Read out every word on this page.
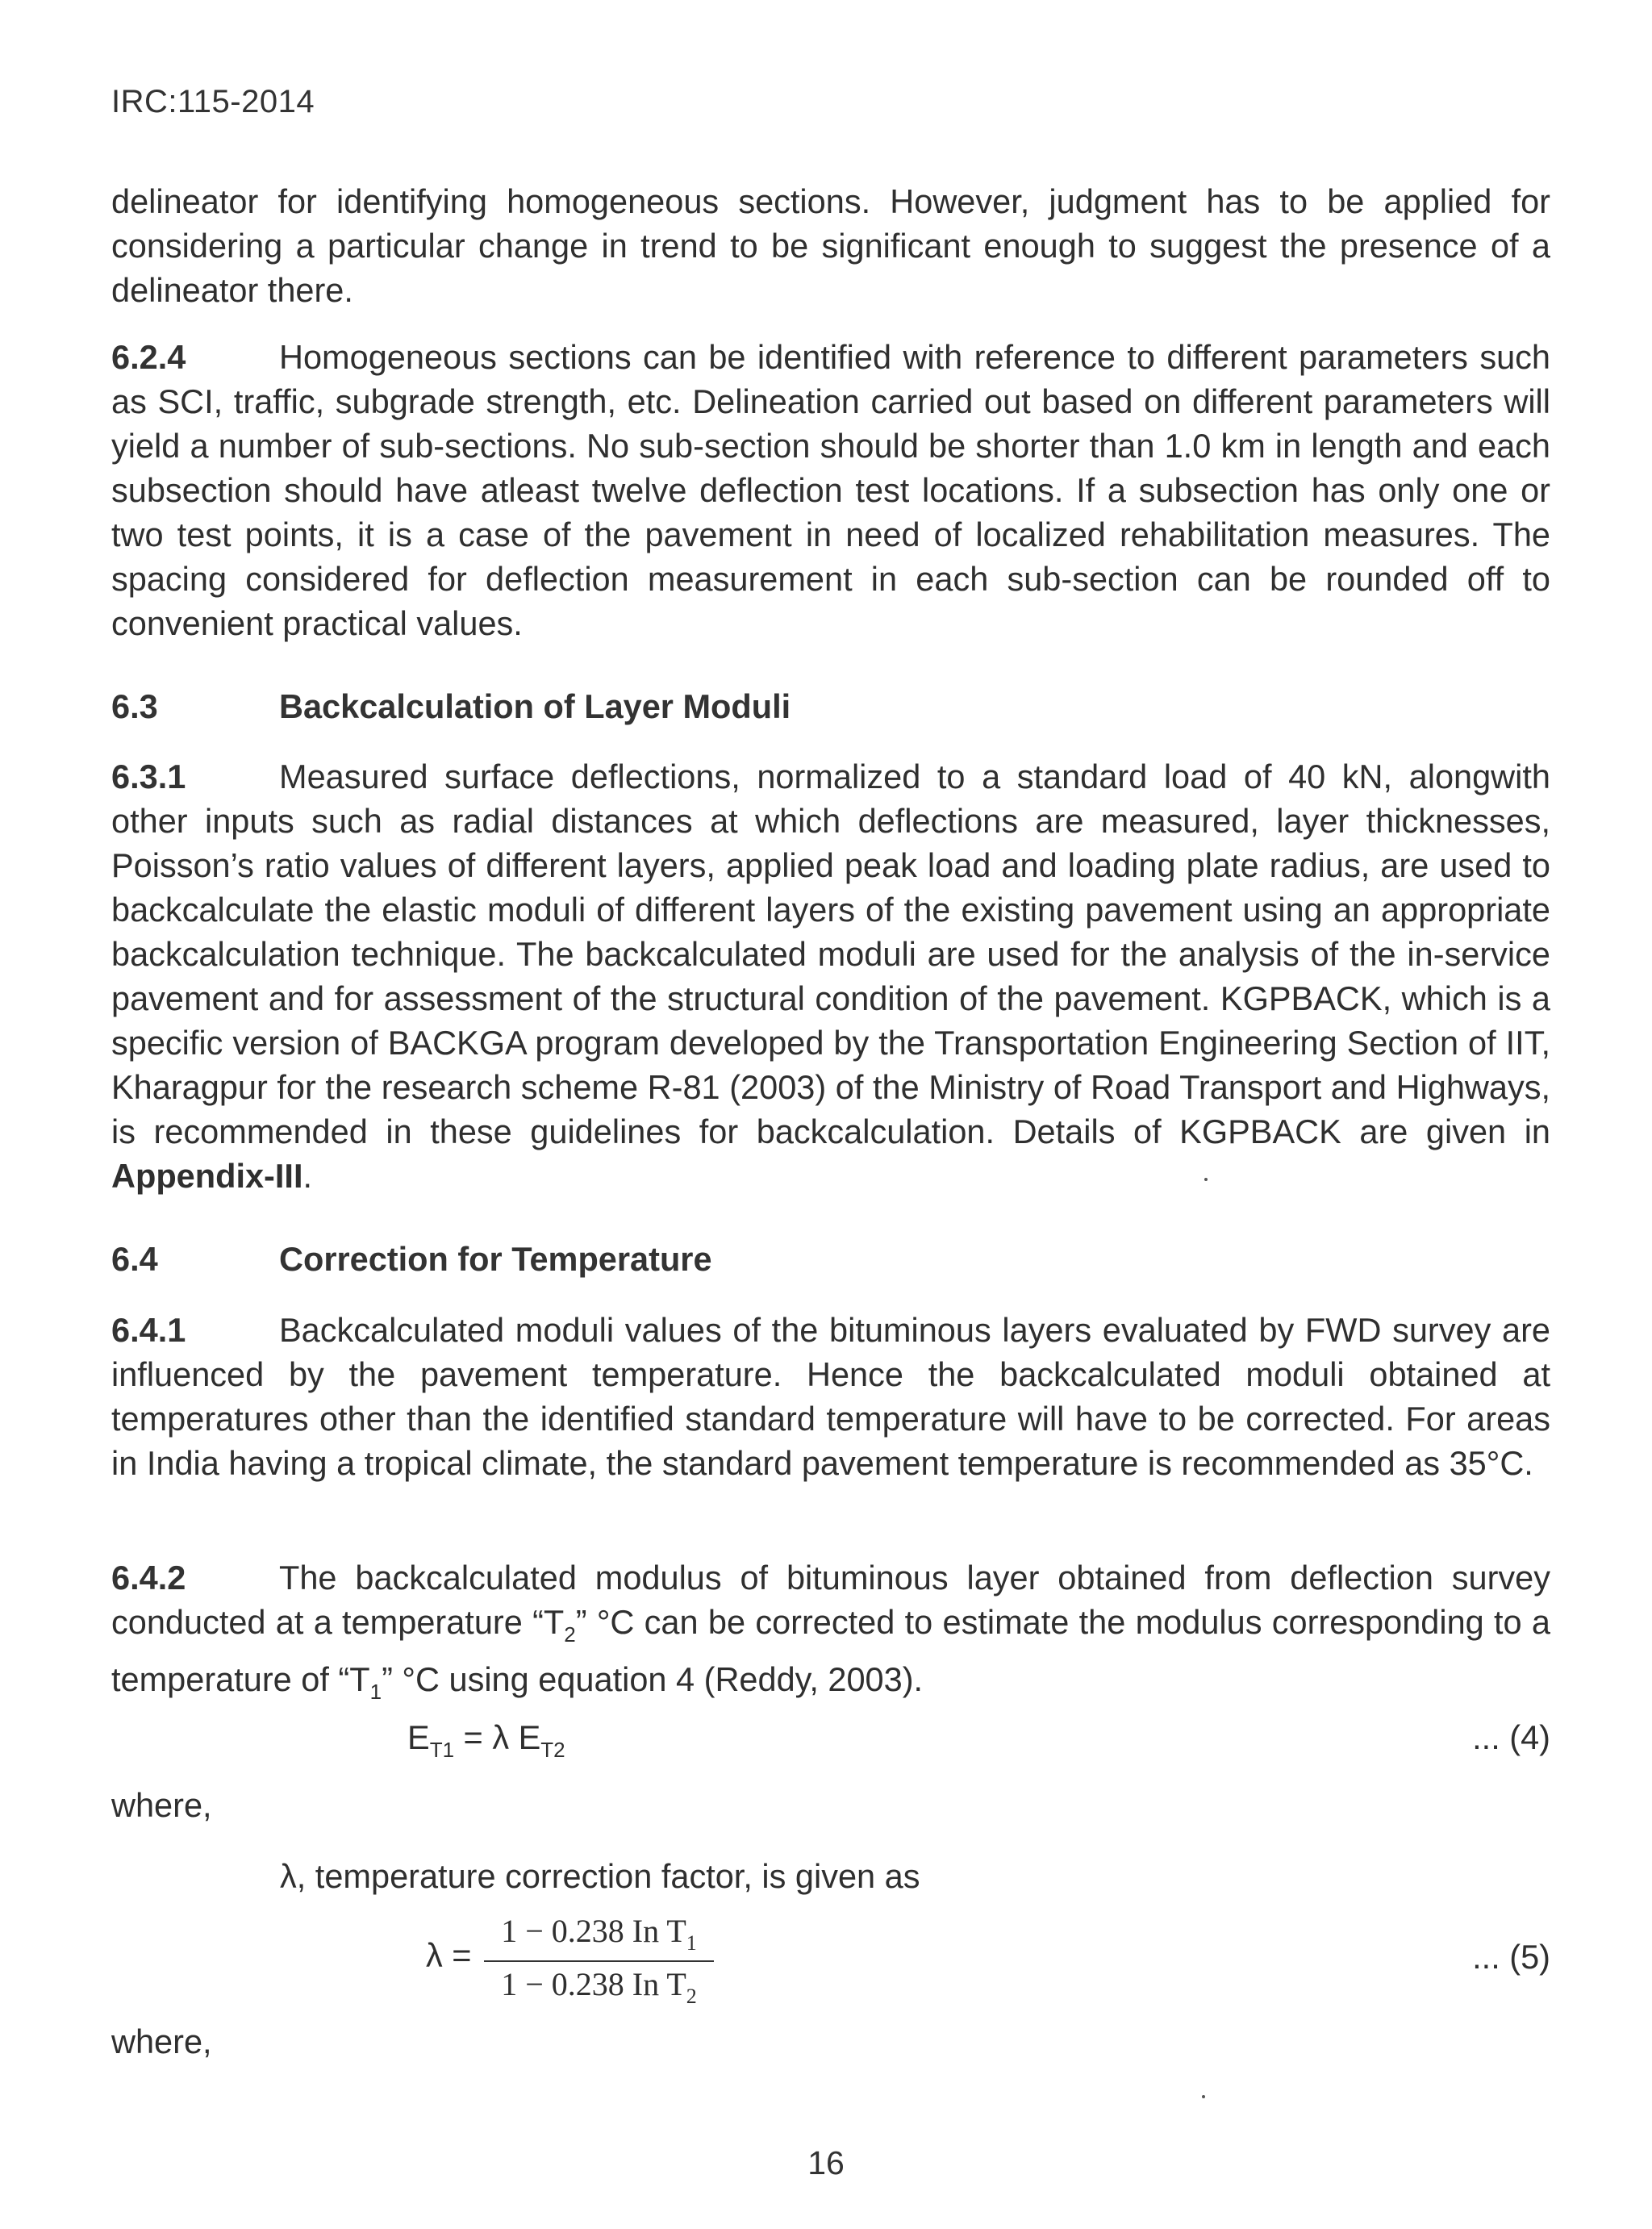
IRC:115-2014
delineator for identifying homogeneous sections. However, judgment has to be applied for considering a particular change in trend to be significant enough to suggest the presence of a delineator there.
6.2.4	Homogeneous sections can be identified with reference to different parameters such as SCI, traffic, subgrade strength, etc. Delineation carried out based on different parameters will yield a number of sub-sections. No sub-section should be shorter than 1.0 km in length and each subsection should have atleast twelve deflection test locations. If a subsection has only one or two test points, it is a case of the pavement in need of localized rehabilitation measures. The spacing considered for deflection measurement in each sub-section can be rounded off to convenient practical values.
6.3	Backcalculation of Layer Moduli
6.3.1	Measured surface deflections, normalized to a standard load of 40 kN, alongwith other inputs such as radial distances at which deflections are measured, layer thicknesses, Poisson’s ratio values of different layers, applied peak load and loading plate radius, are used to backcalculate the elastic moduli of different layers of the existing pavement using an appropriate backcalculation technique. The backcalculated moduli are used for the analysis of the in-service pavement and for assessment of the structural condition of the pavement. KGPBACK, which is a specific version of BACKGA program developed by the Transportation Engineering Section of IIT, Kharagpur for the research scheme R-81 (2003) of the Ministry of Road Transport and Highways, is recommended in these guidelines for backcalculation. Details of KGPBACK are given in Appendix-III.
6.4	Correction for Temperature
6.4.1	Backcalculated moduli values of the bituminous layers evaluated by FWD survey are influenced by the pavement temperature. Hence the backcalculated moduli obtained at temperatures other than the identified standard temperature will have to be corrected. For areas in India having a tropical climate, the standard pavement temperature is recommended as 35°C.
6.4.2	The backcalculated modulus of bituminous layer obtained from deflection survey conducted at a temperature “$T_2$” °C can be corrected to estimate the modulus corresponding to a temperature of “$T_1$” °C using equation 4 (Reddy, 2003).
$E_{T1} = \lambda$ $E_{T2}$	... (4)
where,
λ, temperature correction factor, is given as
λ =
1 − 0.238 In $T_1$
1 − 0.238 In $T_2$
... (5)
where,
16
